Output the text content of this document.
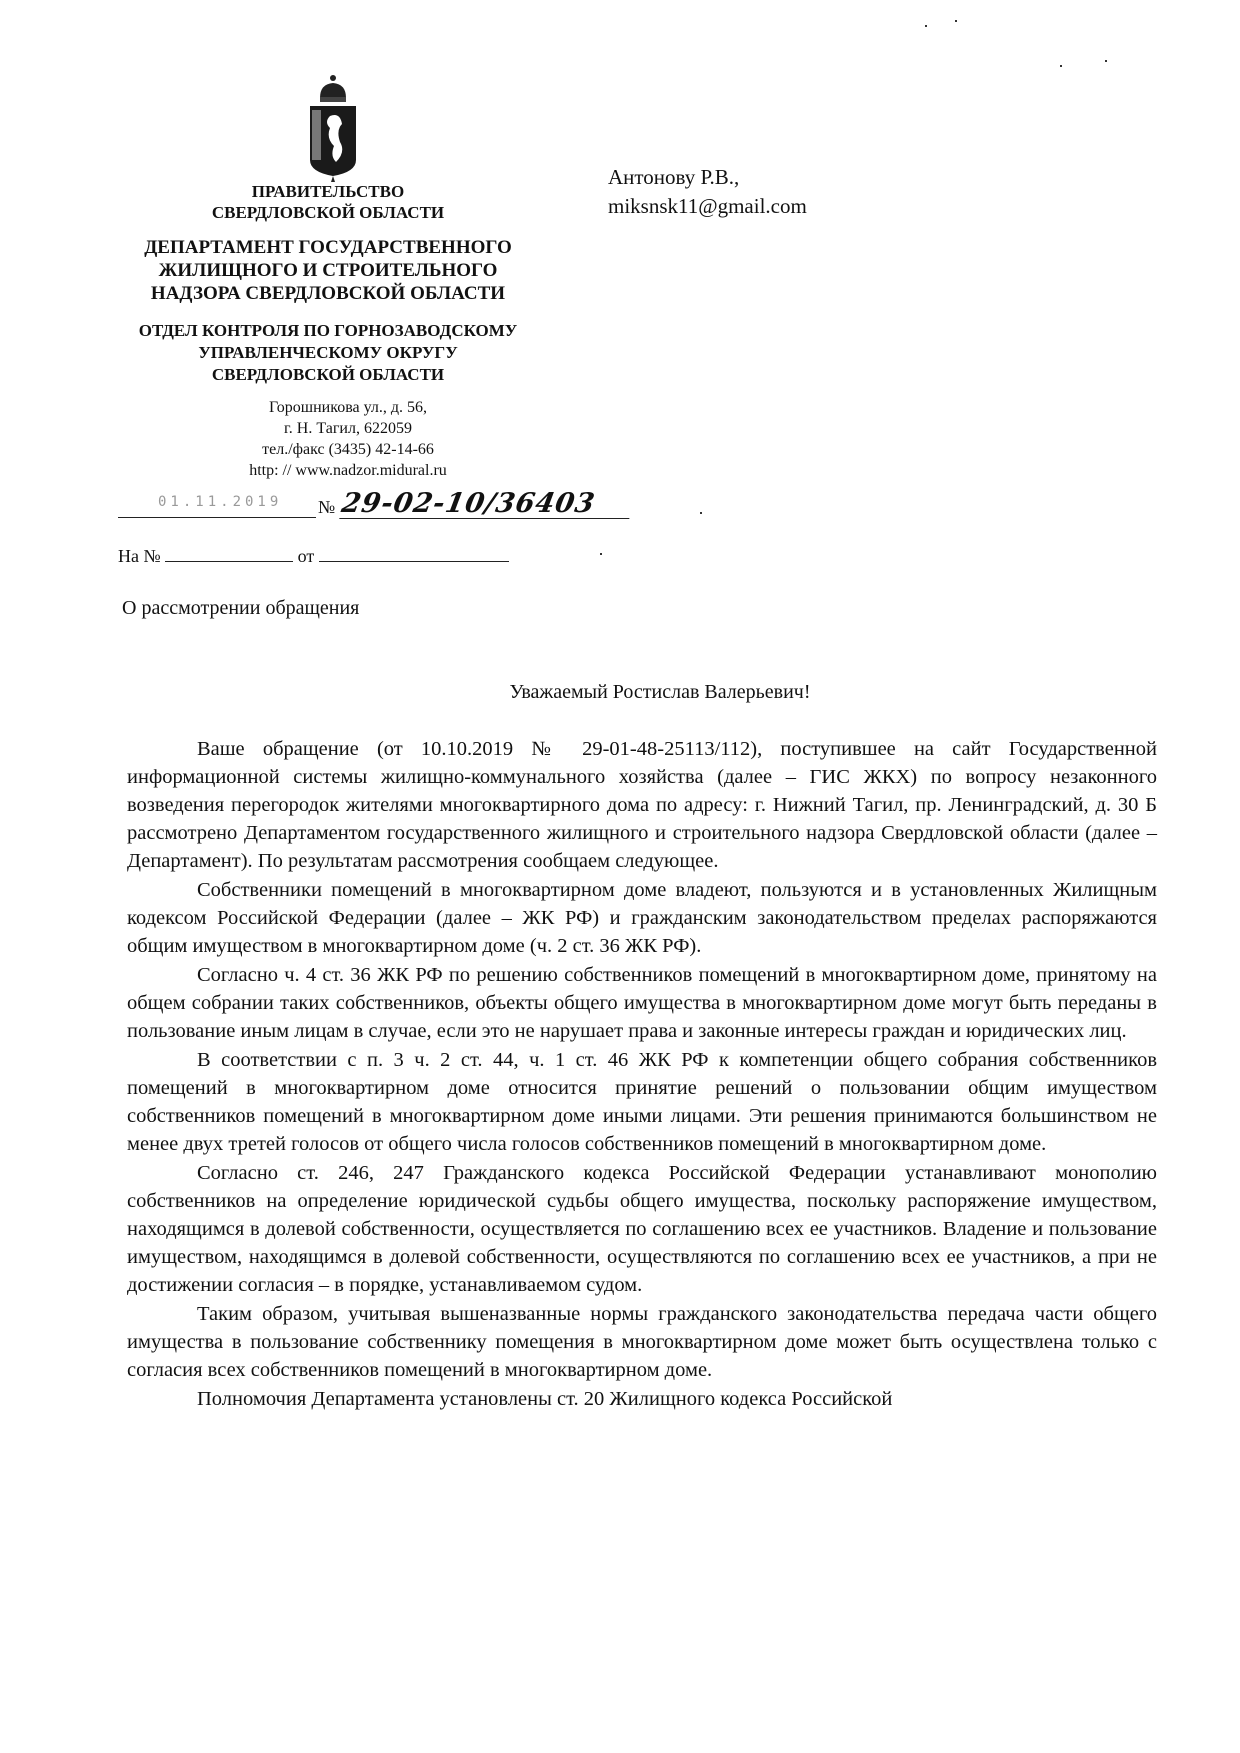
ПРАВИТЕЛЬСТВО
СВЕРДЛОВСКОЙ ОБЛАСТИ
ДЕПАРТАМЕНТ ГОСУДАРСТВЕННОГО
ЖИЛИЩНОГО И СТРОИТЕЛЬНОГО
НАДЗОРА СВЕРДЛОВСКОЙ ОБЛАСТИ
ОТДЕЛ КОНТРОЛЯ ПО ГОРНОЗАВОДСКОМУ
УПРАВЛЕНЧЕСКОМУ ОКРУГУ
СВЕРДЛОВСКОЙ ОБЛАСТИ
Горошникова ул., д. 56,
г. Н. Тагил, 622059
тел./факс (3435) 42-14-66
http: // www.nadzor.midural.ru
Антонову Р.В.,
miksnsk11@gmail.com
01.11.2019	№ 29-02-10/36403
На №	от
О рассмотрении обращения
Уважаемый Ростислав Валерьевич!

Ваше обращение (от 10.10.2019 № 29-01-48-25113/112), поступившее на сайт Государственной информационной системы жилищно-коммунального хозяйства (далее – ГИС ЖКХ) по вопросу незаконного возведения перегородок жителями многоквартирного дома по адресу: г. Нижний Тагил, пр. Ленинградский, д. 30 Б рассмотрено Департаментом государственного жилищного и строительного надзора Свердловской области (далее – Департамент). По результатам рассмотрения сообщаем следующее.

Собственники помещений в многоквартирном доме владеют, пользуются и в установленных Жилищным кодексом Российской Федерации (далее – ЖК РФ) и гражданским законодательством пределах распоряжаются общим имуществом в многоквартирном доме (ч. 2 ст. 36 ЖК РФ).

Согласно ч. 4 ст. 36 ЖК РФ по решению собственников помещений в многоквартирном доме, принятому на общем собрании таких собственников, объекты общего имущества в многоквартирном доме могут быть переданы в пользование иным лицам в случае, если это не нарушает права и законные интересы граждан и юридических лиц.

В соответствии с п. 3 ч. 2 ст. 44, ч. 1 ст. 46 ЖК РФ к компетенции общего собрания собственников помещений в многоквартирном доме относится принятие решений о пользовании общим имуществом собственников помещений в многоквартирном доме иными лицами. Эти решения принимаются большинством не менее двух третей голосов от общего числа голосов собственников помещений в многоквартирном доме.

Согласно ст. 246, 247 Гражданского кодекса Российской Федерации устанавливают монополию собственников на определение юридической судьбы общего имущества, поскольку распоряжение имуществом, находящимся в долевой собственности, осуществляется по соглашению всех ее участников. Владение и пользование имуществом, находящимся в долевой собственности, осуществляются по соглашению всех ее участников, а при не достижении согласия – в порядке, устанавливаемом судом.

Таким образом, учитывая вышеназванные нормы гражданского законодательства передача части общего имущества в пользование собственнику помещения в многоквартирном доме может быть осуществлена только с согласия всех собственников помещений в многоквартирном доме.

Полномочия Департамента установлены ст. 20 Жилищного кодекса Российской
